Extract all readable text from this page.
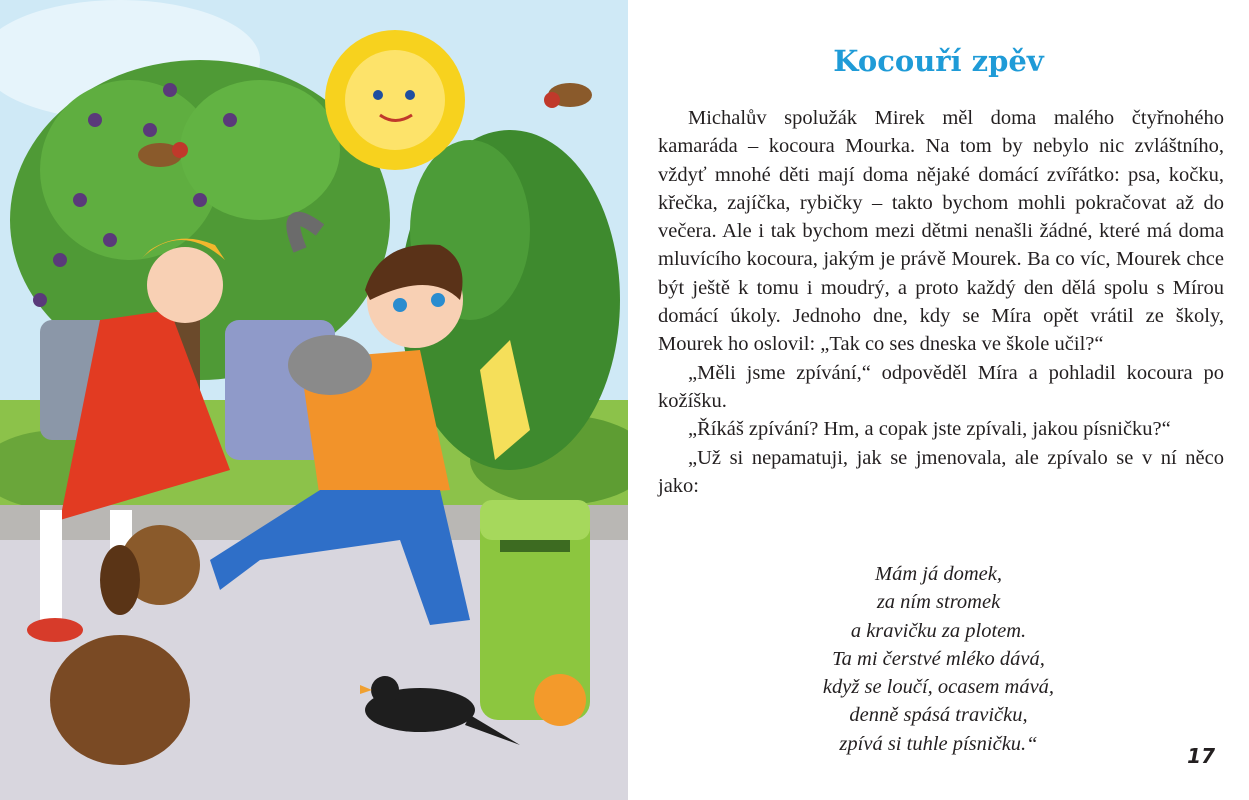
Kocouří zpěv

Michalův spolužák Mirek měl doma malého čtyřnohého kamaráda – kocoura Mourka. Na tom by nebylo nic zvláštního, vždyť mnohé děti mají doma nějaké domácí zvířátko: psa, kočku, křečka, zajíčka, rybičky – takto bychom mohli pokračovat až do večera. Ale i tak bychom mezi dětmi nenašli žádné, které má doma mluvícího kocoura, jakým je právě Mourek. Ba co víc, Mourek chce být ještě k tomu i moudrý, a proto každý den dělá spolu s Mírou domácí úkoly. Jednoho dne, kdy se Míra opět vrátil ze školy, Mourek ho oslovil: „Tak co ses dneska ve škole učil?“

„Měli jsme zpívání,“ odpověděl Míra a pohladil kocoura po kožíšku.

„Říkáš zpívání? Hm, a copak jste zpívali, jakou písničku?“

„Už si nepamatuji, jak se jmenovala, ale zpívalo se v ní něco jako:

Mám já domek,
za ním stromek
a kravičku za plotem.
Ta mi čerstvé mléko dává,
když se loučí, ocasem mává,
denně spásá travičku,
zpívá si tuhle písničku.“
17
